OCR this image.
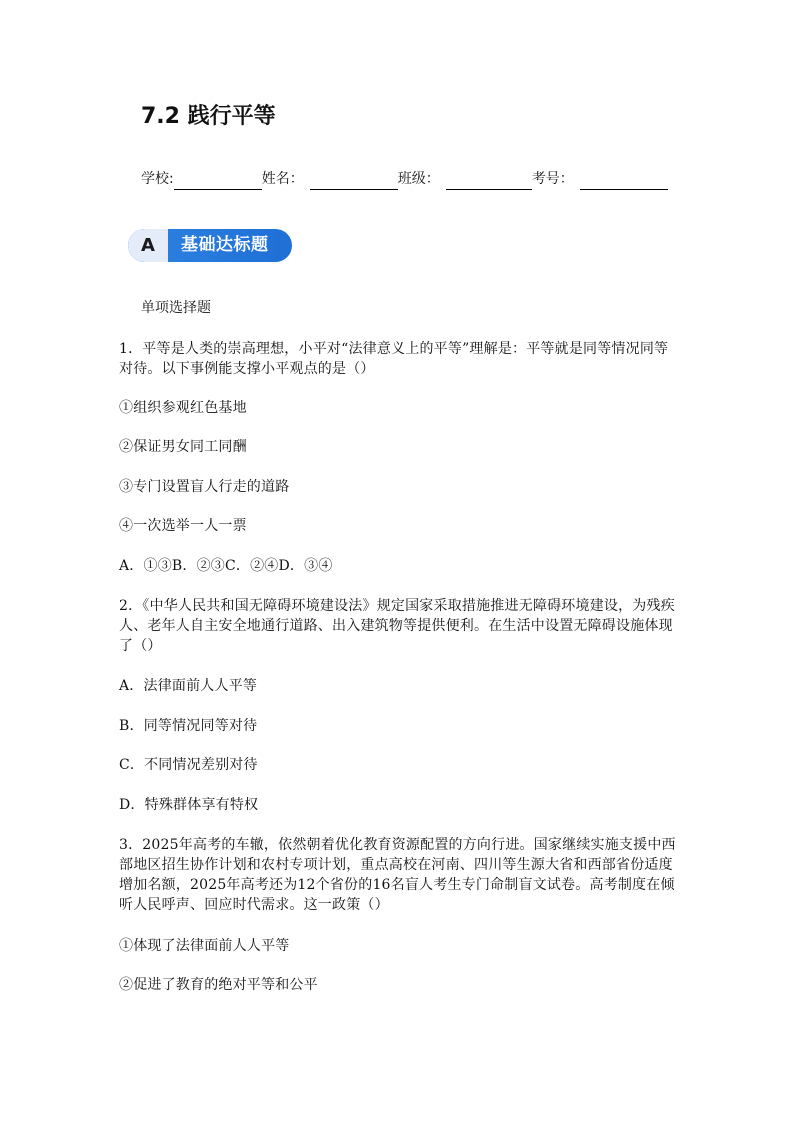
7.2 践行平等
学校:	姓名：	班级：	考号：
A 基础达标题
单项选择题
1．平等是人类的崇高理想，小平对“法律意义上的平等”理解是：平等就是同等情况同等对待。以下事例能支撑小平观点的是（）
①组织参观红色基地
②保证男女同工同酬
③专门设置盲人行走的道路
④一次选举一人一票
A．①③B．②③C．②④D．③④
2．《中华人民共和国无障碍环境建设法》规定国家采取措施推进无障碍环境建设，为残疾人、老年人自主安全地通行道路、出入建筑物等提供便利。在生活中设置无障碍设施体现了（）
A．法律面前人人平等
B．同等情况同等对待
C．不同情况差别对待
D．特殊群体享有特权
3．2025年高考的车辙，依然朝着优化教育资源配置的方向行进。国家继续实施支援中西部地区招生协作计划和农村专项计划，重点高校在河南、四川等生源大省和西部省份适度增加名额，2025年高考还为12个省份的16名盲人考生专门命制盲文试卷。高考制度在倾听人民呼声、回应时代需求。这一政策（）
①体现了法律面前人人平等
②促进了教育的绝对平等和公平
